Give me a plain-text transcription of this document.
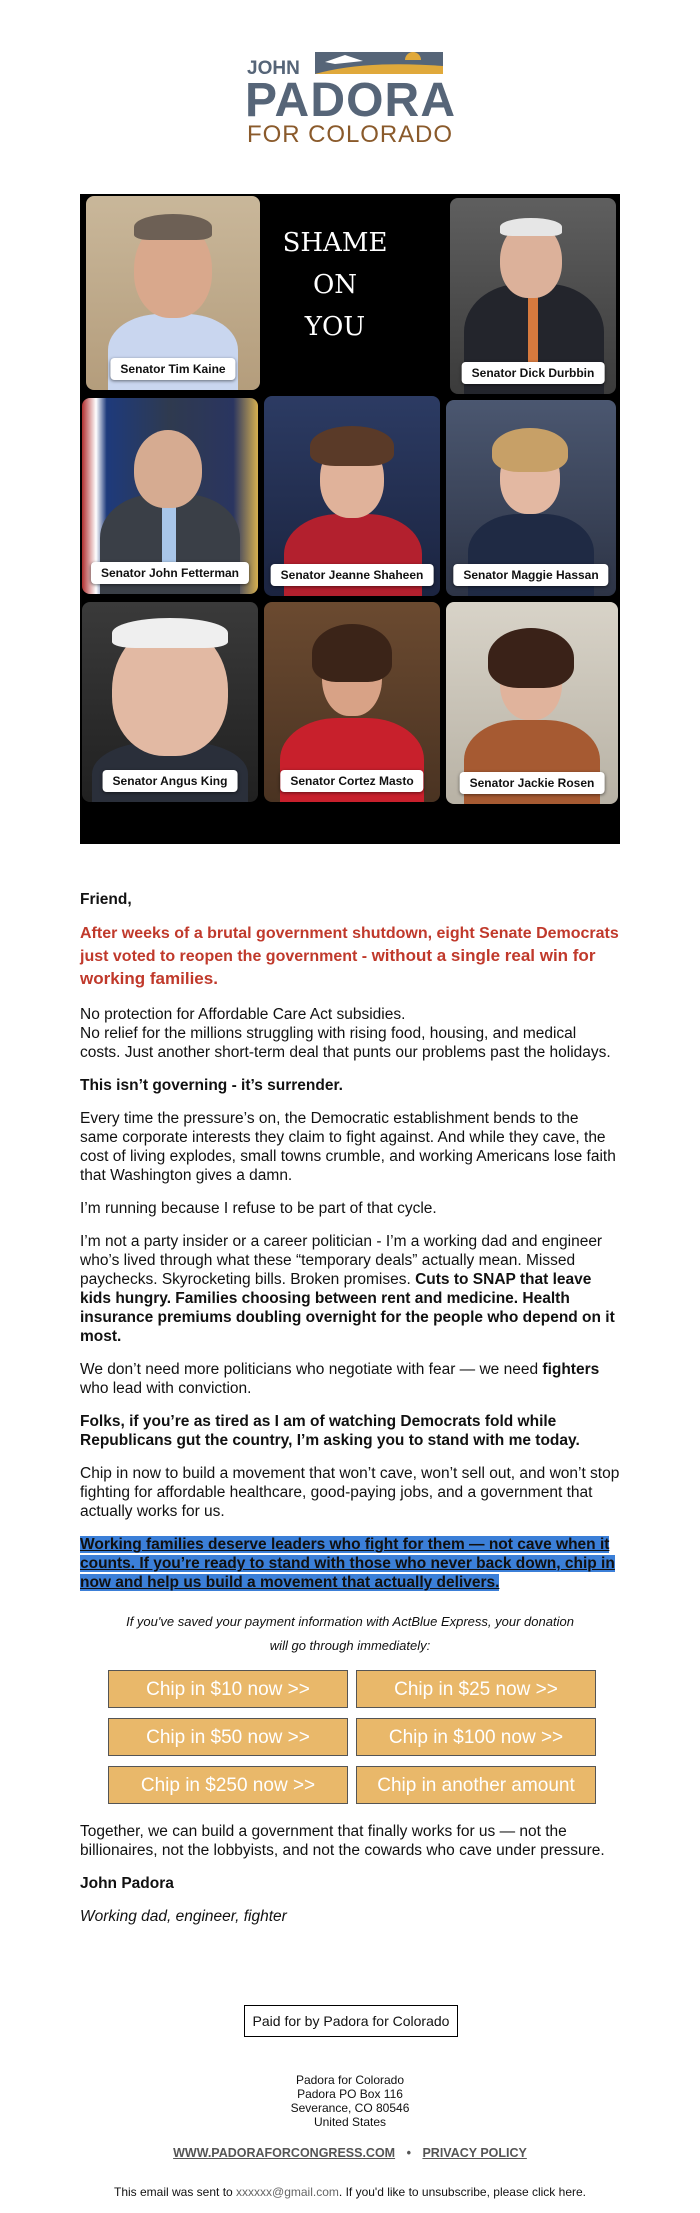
JOHN
PADORA
FOR COLORADO
SHAME
ON
YOU
Senator Tim Kaine	Senator Dick Durbbin
Senator John Fetterman	Senator Jeanne Shaheen	Senator Maggie Hassan
Senator Angus King	Senator Cortez Masto	Senator Jackie Rosen

Friend,

After weeks of a brutal government shutdown, eight Senate Democrats just voted to reopen the government - without a single real win for working families.

No protection for Affordable Care Act subsidies.
No relief for the millions struggling with rising food, housing, and medical costs. Just another short-term deal that punts our problems past the holidays.

This isn’t governing - it’s surrender.

Every time the pressure’s on, the Democratic establishment bends to the same corporate interests they claim to fight against. And while they cave, the cost of living explodes, small towns crumble, and working Americans lose faith that Washington gives a damn.

I’m running because I refuse to be part of that cycle.

I’m not a party insider or a career politician - I’m a working dad and engineer who’s lived through what these “temporary deals” actually mean. Missed paychecks. Skyrocketing bills. Broken promises. Cuts to SNAP that leave kids hungry. Families choosing between rent and medicine. Health insurance premiums doubling overnight for the people who depend on it most.

We don’t need more politicians who negotiate with fear — we need fighters who lead with conviction.

Folks, if you’re as tired as I am of watching Democrats fold while Republicans gut the country, I’m asking you to stand with me today.

Chip in now to build a movement that won’t cave, won’t sell out, and won’t stop fighting for affordable healthcare, good-paying jobs, and a government that actually works for us.

Working families deserve leaders who fight for them — not cave when it counts. If you’re ready to stand with those who never back down, chip in now and help us build a movement that actually delivers.

If you've saved your payment information with ActBlue Express, your donation will go through immediately:
Chip in $10 now >>	Chip in $25 now >>
Chip in $50 now >>	Chip in $100 now >>
Chip in $250 now >>	Chip in another amount

Together, we can build a government that finally works for us — not the billionaires, not the lobbyists, and not the cowards who cave under pressure.

John Padora

Working dad, engineer, fighter

Paid for by Padora for Colorado
Padora for Colorado
Padora PO Box 116
Severance, CO 80546
United States
WWW.PADORAFORCONGRESS.COM • PRIVACY POLICY
This email was sent to xxxxxx@gmail.com. If you'd like to unsubscribe, please click here.
